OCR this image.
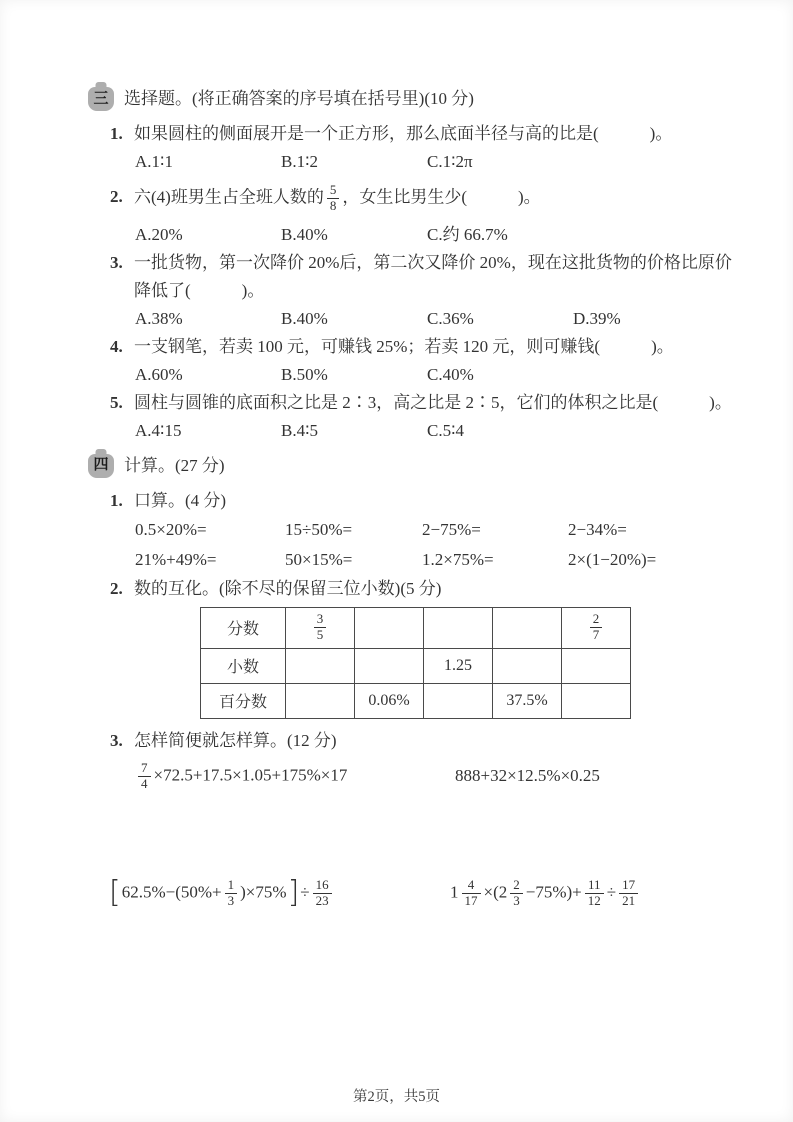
三 选择题。(将正确答案的序号填在括号里)(10 分)
1. 如果圆柱的侧面展开是一个正方形，那么底面半径与高的比是(　　　)。
A.1∶1	B.1∶2	C.1∶2π
2. 六(4)班男生占全班人数的 $\frac{5}{8}$ ，女生比男生少(　　　)。
A.20%	B.40%	C.约 66.7%
3. 一批货物，第一次降价 20%后，第二次又降价 20%，现在这批货物的价格比原价
降低了(　　　)。
A.38%	B.40%	C.36%	D.39%
4. 一支钢笔，若卖 100 元，可赚钱 25%；若卖 120 元，则可赚钱(　　　)。
A.60%	B.50%	C.40%
5. 圆柱与圆锥的底面积之比是 2∶3，高之比是 2∶5，它们的体积之比是(　　　)。
A.4∶15	B.4∶5	C.5∶4
四 计算。(27 分)
1. 口算。(4 分)
0.5×20%=	15÷50%=	2−75%=	2−34%=
21%+49%=	50×15%=	1.2×75%=	2×(1−20%)=
2. 数的互化。(除不尽的保留三位小数)(5 分)
分数	$\frac{3}{5}$				$\frac{2}{7}$

小数			1.25		
百分数		0.06%		37.5%	
3. 怎样简便就怎样算。(12 分)
$\frac{7}{4} \times 72.5+17.5\times 1.05+175\%\times 17$	888+32×12.5%×0.25
$[62.5\%-(50\%+ \frac{1}{3} )\times 75\%]\div \frac{16}{23}$	$1 \frac{4}{17} \times(2 \frac{2}{3} -75\%)+ \frac{11}{12} \div \frac{17}{21}$
第2页，共5页
